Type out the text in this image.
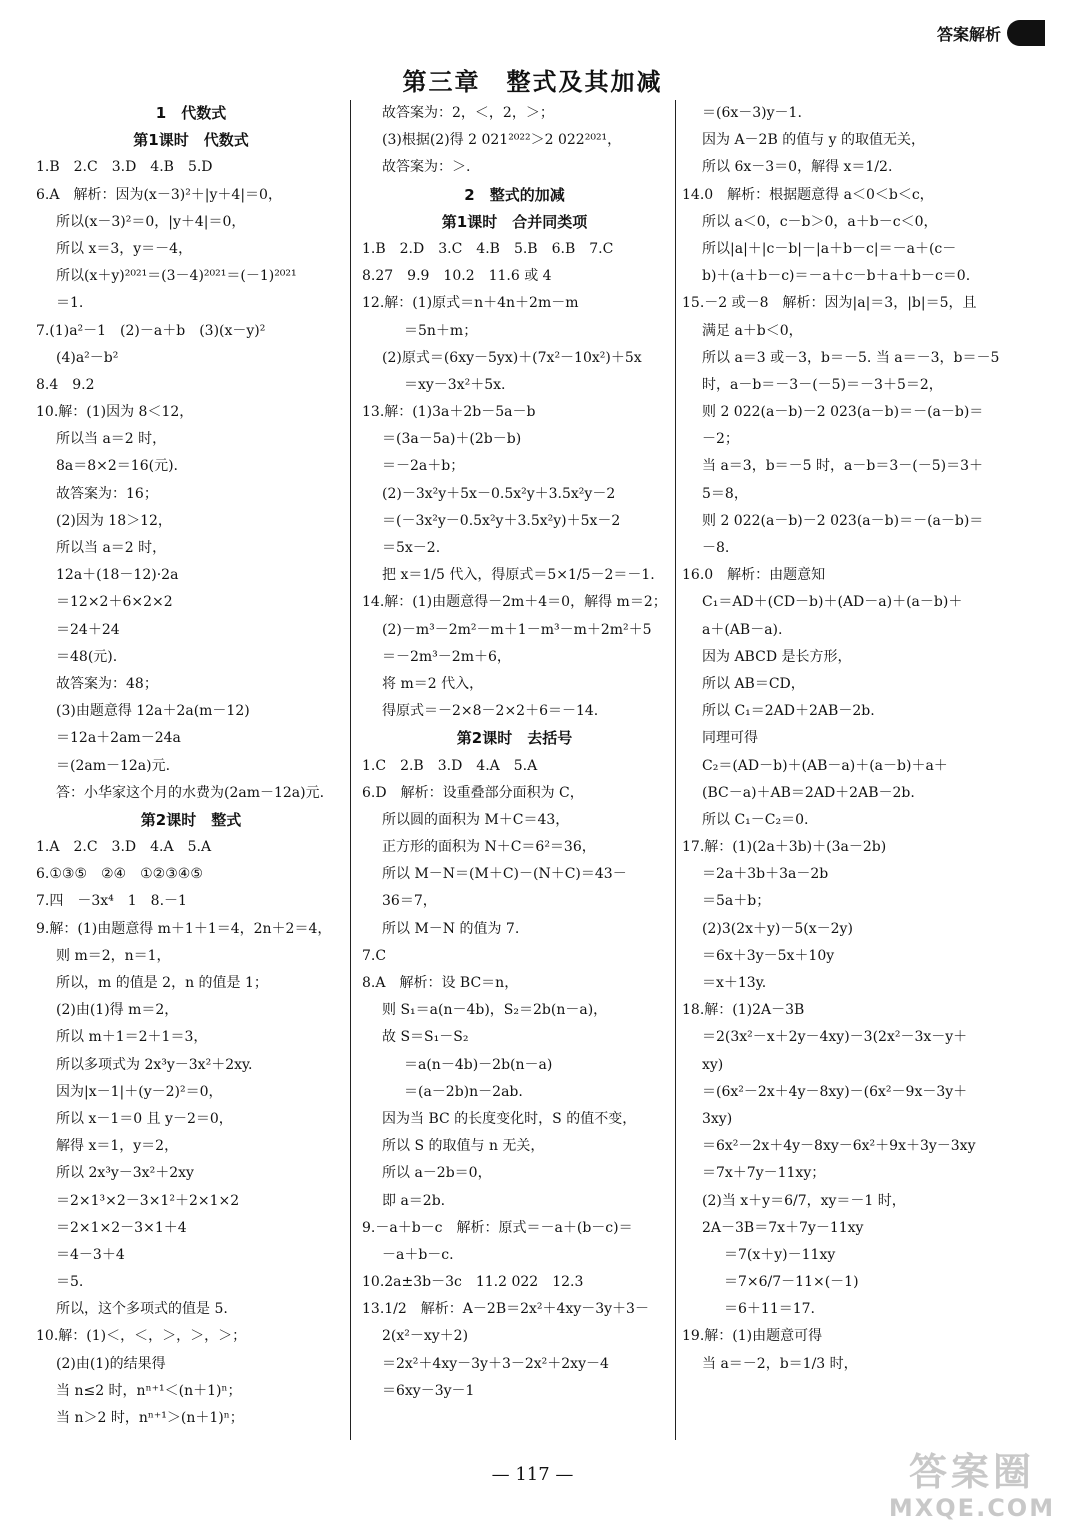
答案解析
第三章　整式及其加减
1　代数式
第1课时　代数式
1.B　2.C　3.D　4.B　5.D
6.A　解析：因为(x－3)²＋|y＋4|＝0，
所以(x－3)²＝0，|y＋4|＝0，
所以 x＝3，y＝－4，
所以(x＋y)²⁰²¹＝(3－4)²⁰²¹＝(－1)²⁰²¹
＝1.
7.(1)a²－1　(2)－a＋b　(3)(x－y)²
(4)a²－b²
8.4　9.2
10.解：(1)因为 8＜12，
所以当 a＝2 时，
8a＝8×2＝16(元).
故答案为：16；
(2)因为 18＞12，
所以当 a＝2 时，
12a＋(18－12)·2a
＝12×2＋6×2×2
＝24＋24
＝48(元).
故答案为：48；
(3)由题意得 12a＋2a(m－12)
＝12a＋2am－24a
＝(2am－12a)元.
答：小华家这个月的水费为(2am－12a)元.
第2课时　整式
1.A　2.C　3.D　4.A　5.A
6.①③⑤　②④　①②③④⑤
7.四　－3x⁴　1　8.－1
9.解：(1)由题意得 m＋1＋1＝4，2n＋2＝4，
则 m＝2，n＝1，
所以，m 的值是 2，n 的值是 1；
(2)由(1)得 m＝2，
所以 m＋1＝2＋1＝3，
所以多项式为 2x³y－3x²＋2xy.
因为|x－1|＋(y－2)²＝0，
所以 x－1＝0 且 y－2＝0，
解得 x＝1，y＝2，
所以 2x³y－3x²＋2xy
＝2×1³×2－3×1²＋2×1×2
＝2×1×2－3×1＋4
＝4－3＋4
＝5.
所以，这个多项式的值是 5.
10.解：(1)＜，＜，＞，＞，＞；
(2)由(1)的结果得
当 n≤2 时，nⁿ⁺¹＜(n＋1)ⁿ；
当 n＞2 时，nⁿ⁺¹＞(n＋1)ⁿ；
故答案为：2，＜，2，＞；
(3)根据(2)得 2 021²⁰²²＞2 022²⁰²¹，
故答案为：＞.
2　整式的加减
第1课时　合并同类项
1.B　2.D　3.C　4.B　5.B　6.B　7.C
8.27　9.9　10.2　11.6 或 4
12.解：(1)原式＝n＋4n＋2m－m
＝5n＋m；
(2)原式＝(6xy－5yx)＋(7x²－10x²)＋5x
＝xy－3x²＋5x.
13.解：(1)3a＋2b－5a－b
＝(3a－5a)＋(2b－b)
＝－2a＋b；
(2)－3x²y＋5x－0.5x²y＋3.5x²y－2
＝(－3x²y－0.5x²y＋3.5x²y)＋5x－2
＝5x－2.
把 x＝1/5 代入，得原式＝5×1/5－2＝－1.
14.解：(1)由题意得－2m＋4＝0，解得 m＝2；
(2)－m³－2m²－m＋1－m³－m＋2m²＋5
＝－2m³－2m＋6，
将 m＝2 代入，
得原式＝－2×8－2×2＋6＝－14.
第2课时　去括号
1.C　2.B　3.D　4.A　5.A
6.D　解析：设重叠部分面积为 C，
所以圆的面积为 M＋C＝43，
正方形的面积为 N＋C＝6²＝36，
所以 M－N＝(M＋C)－(N＋C)＝43－
36＝7，
所以 M－N 的值为 7.
7.C
8.A　解析：设 BC＝n，
则 S₁＝a(n－4b)，S₂＝2b(n－a)，
故 S＝S₁－S₂
＝a(n－4b)－2b(n－a)
＝(a－2b)n－2ab.
因为当 BC 的长度变化时，S 的值不变，
所以 S 的取值与 n 无关，
所以 a－2b＝0，
即 a＝2b.
9.－a＋b－c　解析：原式＝－a＋(b－c)＝
－a＋b－c.
10.2a±3b－3c　11.2 022　12.3
13.1/2　解析：A－2B＝2x²＋4xy－3y＋3－
2(x²－xy＋2)
＝2x²＋4xy－3y＋3－2x²＋2xy－4
＝6xy－3y－1
＝(6x－3)y－1.
因为 A－2B 的值与 y 的取值无关，
所以 6x－3＝0，解得 x＝1/2.
14.0　解析：根据题意得 a＜0＜b＜c，
所以 a＜0，c－b＞0，a＋b－c＜0，
所以|a|＋|c－b|－|a＋b－c|＝－a＋(c－
b)＋(a＋b－c)＝－a＋c－b＋a＋b－c＝0.
15.－2 或－8　解析：因为|a|＝3，|b|＝5，且
满足 a＋b＜0，
所以 a＝3 或－3，b＝－5. 当 a＝－3，b＝－5
时，a－b＝－3－(－5)＝－3＋5＝2，
则 2 022(a－b)－2 023(a－b)＝－(a－b)＝
－2；
当 a＝3，b＝－5 时，a－b＝3－(－5)＝3＋
5＝8，
则 2 022(a－b)－2 023(a－b)＝－(a－b)＝
－8.
16.0　解析：由题意知
C₁＝AD＋(CD－b)＋(AD－a)＋(a－b)＋
a＋(AB－a).
因为 ABCD 是长方形，
所以 AB＝CD，
所以 C₁＝2AD＋2AB－2b.
同理可得
C₂＝(AD－b)＋(AB－a)＋(a－b)＋a＋
(BC－a)＋AB＝2AD＋2AB－2b.
所以 C₁－C₂＝0.
17.解：(1)(2a＋3b)＋(3a－2b)
＝2a＋3b＋3a－2b
＝5a＋b；
(2)3(2x＋y)－5(x－2y)
＝6x＋3y－5x＋10y
＝x＋13y.
18.解：(1)2A－3B
＝2(3x²－x＋2y－4xy)－3(2x²－3x－y＋
xy)
＝(6x²－2x＋4y－8xy)－(6x²－9x－3y＋
3xy)
＝6x²－2x＋4y－8xy－6x²＋9x＋3y－3xy
＝7x＋7y－11xy；
(2)当 x＋y＝6/7，xy＝－1 时，
2A－3B＝7x＋7y－11xy
＝7(x＋y)－11xy
＝7×6/7－11×(－1)
＝6＋11＝17.
19.解：(1)由题意可得
当 a＝－2，b＝1/3 时，
— 117 —	答案圈
MXQE.COM
